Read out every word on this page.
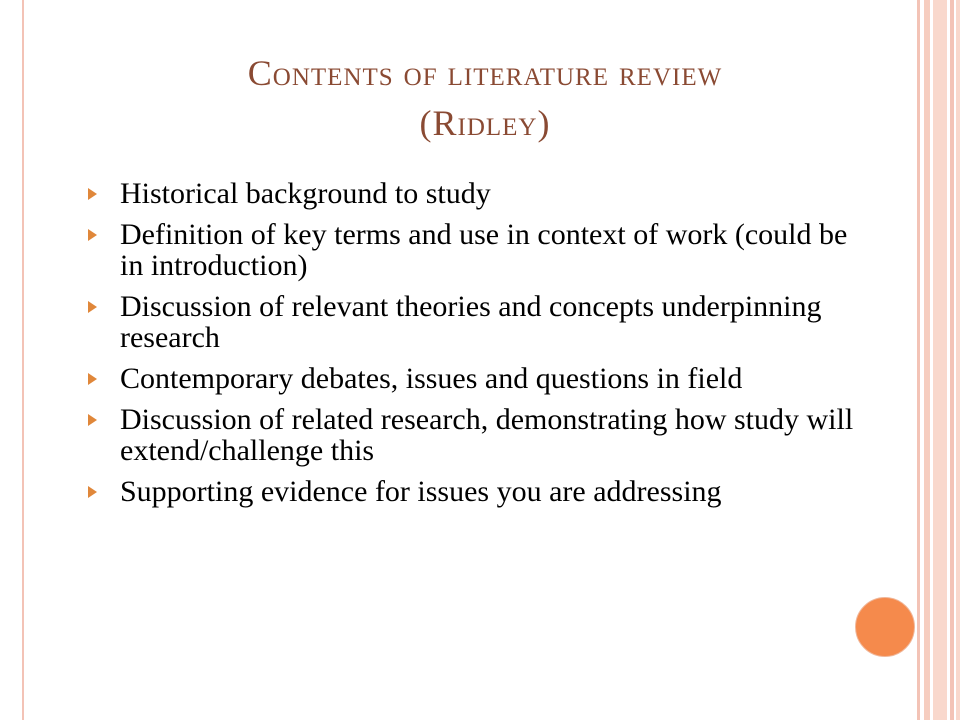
Contents of literature review
(Ridley)
Historical background to study
Definition of key terms and use in context of work (could be in introduction)
Discussion of relevant theories and concepts underpinning research
Contemporary debates, issues and questions in field
Discussion of related research, demonstrating how study will extend/challenge this
Supporting evidence for issues you are addressing
